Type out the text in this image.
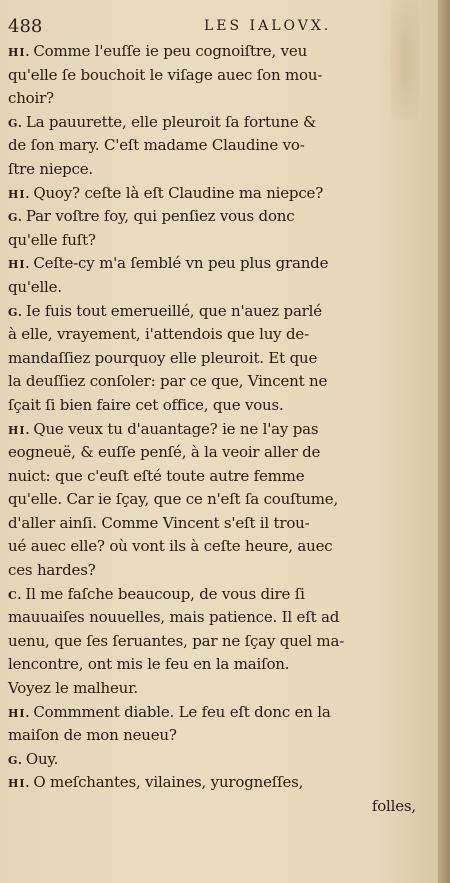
488	LES IALOVX.
HI. Comme l'euſſe ie peu cognoiſtre, veu
qu'elle ſe bouchoit le viſage auec ſon mou-
choir?
G. La pauurette, elle pleuroit ſa fortune &
de ſon mary. C'eſt madame Claudine vo-
ſtre niepce.
HI. Quoy? ceſte là eſt Claudine ma niepce?
G. Par voſtre foy, qui penſiez vous donc
qu'elle fuſt?
HI. Ceſte-cy m'a ſemblé vn peu plus grande
qu'elle.
G. Ie fuis tout emerueillé, que n'auez parlé
à elle, vrayement, i'attendois que luy de-
mandaſſiez pourquoy elle pleuroit. Et que
la deuſſiez conſoler: par ce que, Vincent ne
ſçait ſi bien faire cet office, que vous.
HI. Que veux tu d'auantage? ie ne l'ay pas
eogneuë, & euſſe penſé, à la veoir aller de
nuict: que c'euſt eſté toute autre femme
qu'elle. Car ie ſçay, que ce n'eſt ſa couſtume,
d'aller ainſi. Comme Vincent s'eſt il trou-
ué auec elle? où vont ils à ceſte heure, auec
ces hardes?
C. Il me faſche beaucoup, de vous dire ſi
mauuaiſes nouuelles, mais patience. Il eſt ad
uenu, que ſes ſeruantes, par ne ſçay quel ma-
lencontre, ont mis le feu en la maiſon.
Voyez le malheur.
HI. Commment diable. Le feu eſt donc en la
maiſon de mon neueu?
G. Ouy.
HI. O meſchantes, vilaines, yurogneſſes,
folles,
